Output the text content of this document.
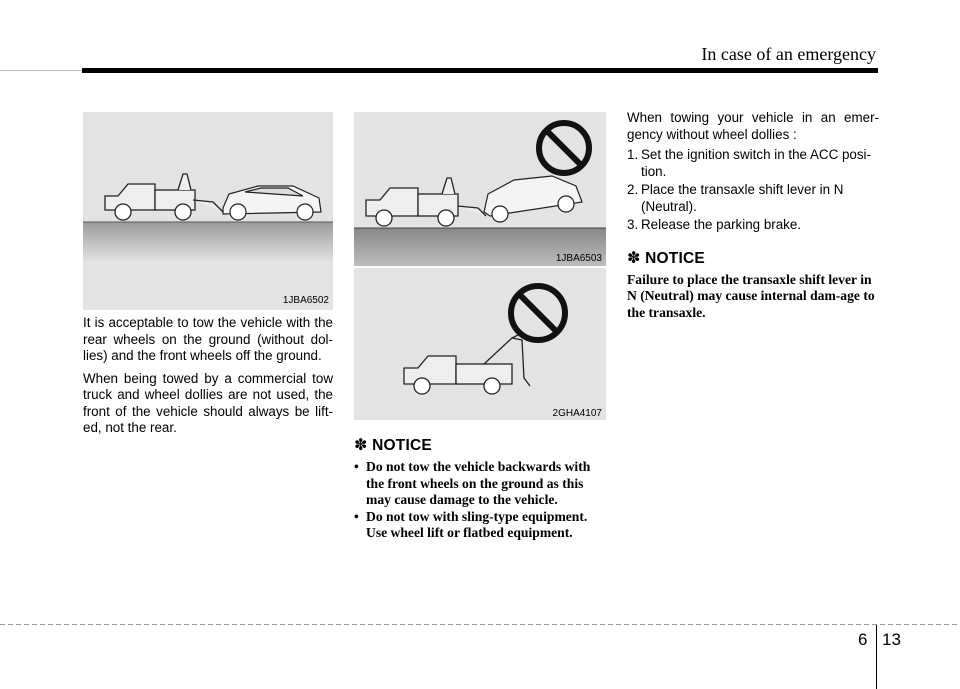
In case of an emergency
1JBA6502

It is acceptable to tow the vehicle with the rear wheels on the ground (without dol-lies) and the front wheels off the ground.

When being towed by a commercial tow truck and wheel dollies are not used, the front of the vehicle should always be lift-ed, not the rear.

1JBA6503
2GHA4107
✽ NOTICE
• Do not tow the vehicle backwards with the front wheels on the ground as this may cause damage to the vehicle.
• Do not tow with sling-type equipment. Use wheel lift or flatbed equipment.
When towing your vehicle in an emer-gency without wheel dollies :
1. Set the ignition switch in the ACC posi-tion.
2. Place the transaxle shift lever in N (Neutral).
3. Release the parking brake.
✽ NOTICE
Failure to place the transaxle shift lever in N (Neutral) may cause internal dam-age to the transaxle.
6 13
